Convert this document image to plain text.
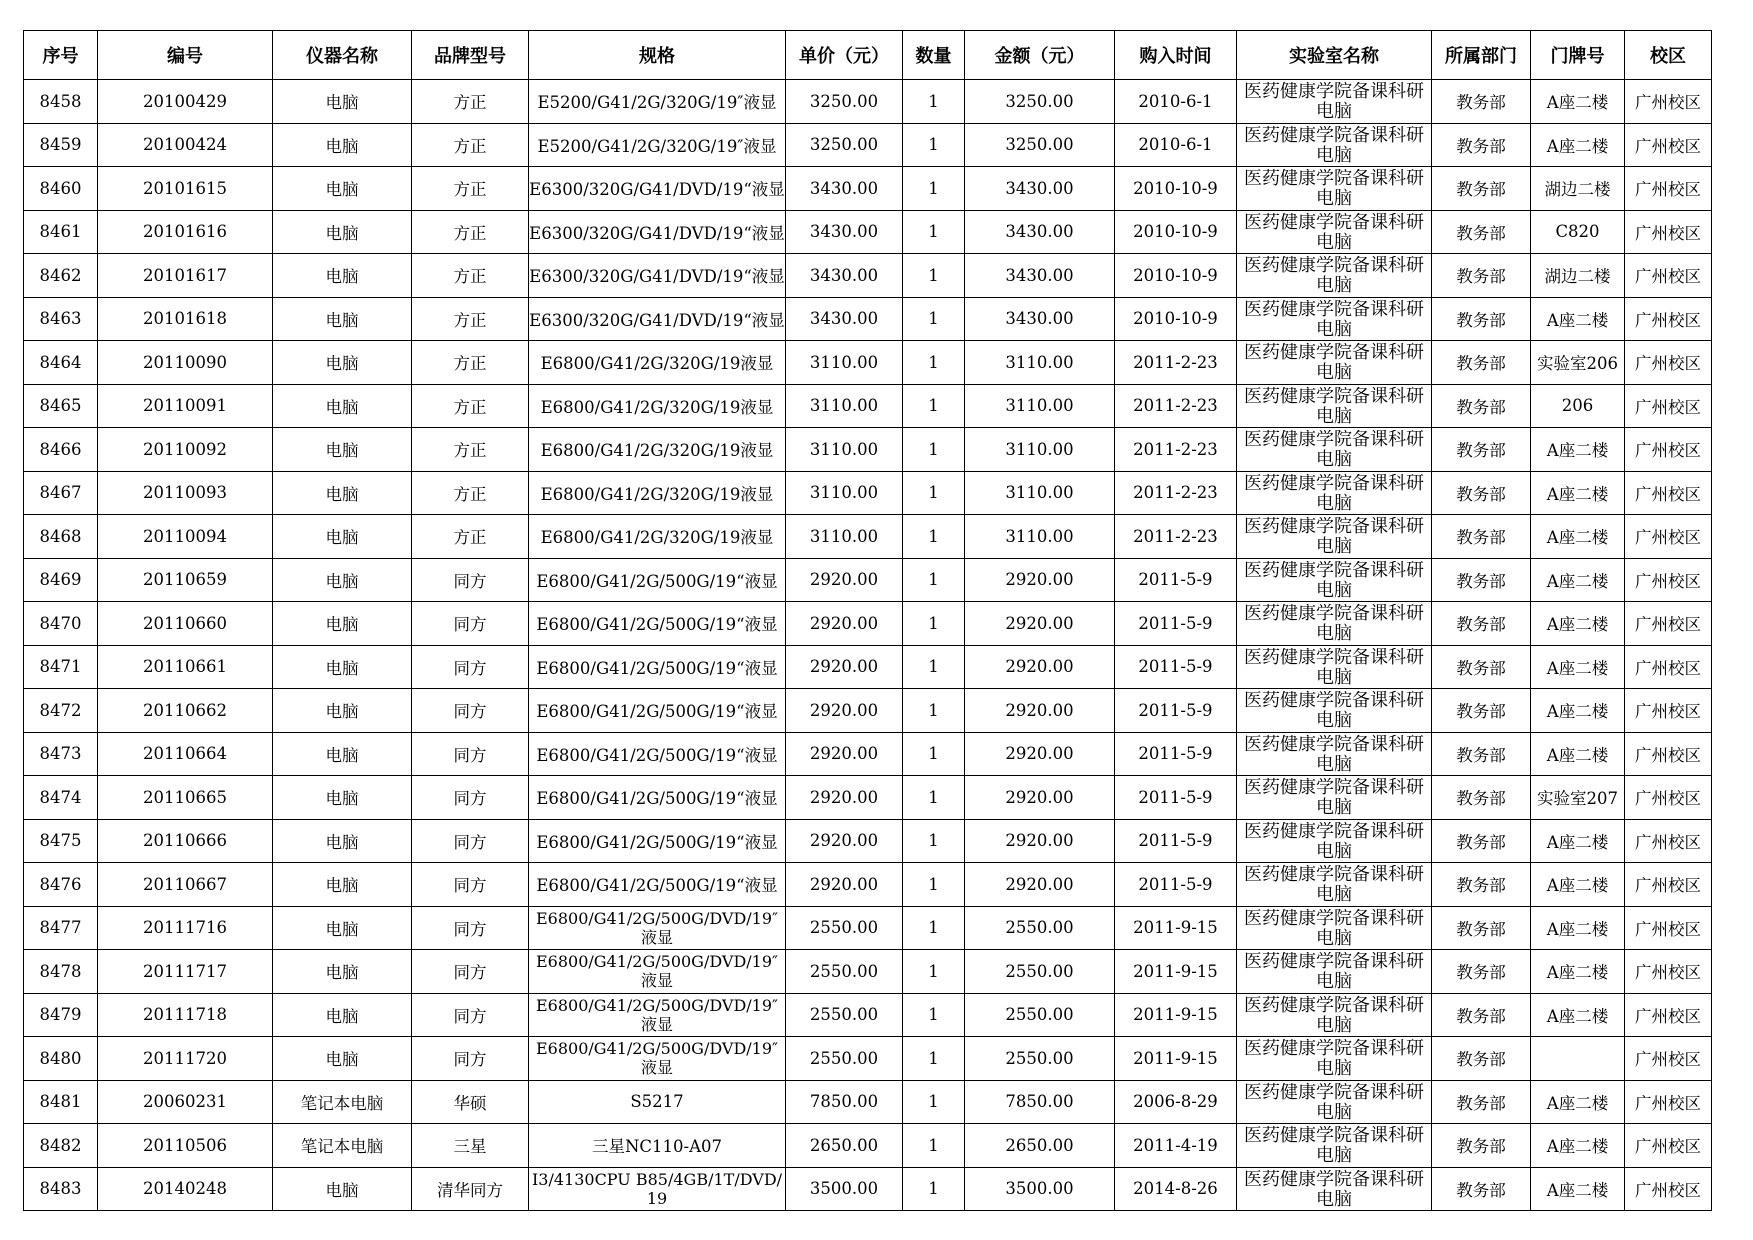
序号	编号	仪器名称	品牌型号	规格	单价（元）	数量	金额（元）	购入时间	实验室名称	所属部门	门牌号	校区
8458	20100429	电脑	方正	E5200/G41/2G/320G/19″液显	3250.00	1	3250.00	2010-6-1	医药健康学院备课科研电脑	教务部	A座二楼	广州校区
8459	20100424	电脑	方正	E5200/G41/2G/320G/19″液显	3250.00	1	3250.00	2010-6-1	医药健康学院备课科研电脑	教务部	A座二楼	广州校区
8460	20101615	电脑	方正	E6300/320G/G41/DVD/19“液显	3430.00	1	3430.00	2010-10-9	医药健康学院备课科研电脑	教务部	湖边二楼	广州校区
8461	20101616	电脑	方正	E6300/320G/G41/DVD/19“液显	3430.00	1	3430.00	2010-10-9	医药健康学院备课科研电脑	教务部	C820	广州校区
8462	20101617	电脑	方正	E6300/320G/G41/DVD/19“液显	3430.00	1	3430.00	2010-10-9	医药健康学院备课科研电脑	教务部	湖边二楼	广州校区
8463	20101618	电脑	方正	E6300/320G/G41/DVD/19“液显	3430.00	1	3430.00	2010-10-9	医药健康学院备课科研电脑	教务部	A座二楼	广州校区
8464	20110090	电脑	方正	E6800/G41/2G/320G/19液显	3110.00	1	3110.00	2011-2-23	医药健康学院备课科研电脑	教务部	实验室206	广州校区
8465	20110091	电脑	方正	E6800/G41/2G/320G/19液显	3110.00	1	3110.00	2011-2-23	医药健康学院备课科研电脑	教务部	206	广州校区
8466	20110092	电脑	方正	E6800/G41/2G/320G/19液显	3110.00	1	3110.00	2011-2-23	医药健康学院备课科研电脑	教务部	A座二楼	广州校区
8467	20110093	电脑	方正	E6800/G41/2G/320G/19液显	3110.00	1	3110.00	2011-2-23	医药健康学院备课科研电脑	教务部	A座二楼	广州校区
8468	20110094	电脑	方正	E6800/G41/2G/320G/19液显	3110.00	1	3110.00	2011-2-23	医药健康学院备课科研电脑	教务部	A座二楼	广州校区
8469	20110659	电脑	同方	E6800/G41/2G/500G/19“液显	2920.00	1	2920.00	2011-5-9	医药健康学院备课科研电脑	教务部	A座二楼	广州校区
8470	20110660	电脑	同方	E6800/G41/2G/500G/19“液显	2920.00	1	2920.00	2011-5-9	医药健康学院备课科研电脑	教务部	A座二楼	广州校区
8471	20110661	电脑	同方	E6800/G41/2G/500G/19“液显	2920.00	1	2920.00	2011-5-9	医药健康学院备课科研电脑	教务部	A座二楼	广州校区
8472	20110662	电脑	同方	E6800/G41/2G/500G/19“液显	2920.00	1	2920.00	2011-5-9	医药健康学院备课科研电脑	教务部	A座二楼	广州校区
8473	20110664	电脑	同方	E6800/G41/2G/500G/19“液显	2920.00	1	2920.00	2011-5-9	医药健康学院备课科研电脑	教务部	A座二楼	广州校区
8474	20110665	电脑	同方	E6800/G41/2G/500G/19“液显	2920.00	1	2920.00	2011-5-9	医药健康学院备课科研电脑	教务部	实验室207	广州校区
8475	20110666	电脑	同方	E6800/G41/2G/500G/19“液显	2920.00	1	2920.00	2011-5-9	医药健康学院备课科研电脑	教务部	A座二楼	广州校区
8476	20110667	电脑	同方	E6800/G41/2G/500G/19“液显	2920.00	1	2920.00	2011-5-9	医药健康学院备课科研电脑	教务部	A座二楼	广州校区
8477	20111716	电脑	同方	E6800/G41/2G/500G/DVD/19″液显	2550.00	1	2550.00	2011-9-15	医药健康学院备课科研电脑	教务部	A座二楼	广州校区
8478	20111717	电脑	同方	E6800/G41/2G/500G/DVD/19″液显	2550.00	1	2550.00	2011-9-15	医药健康学院备课科研电脑	教务部	A座二楼	广州校区
8479	20111718	电脑	同方	E6800/G41/2G/500G/DVD/19″液显	2550.00	1	2550.00	2011-9-15	医药健康学院备课科研电脑	教务部	A座二楼	广州校区
8480	20111720	电脑	同方	E6800/G41/2G/500G/DVD/19″液显	2550.00	1	2550.00	2011-9-15	医药健康学院备课科研电脑	教务部		广州校区
8481	20060231	笔记本电脑	华硕	S5217	7850.00	1	7850.00	2006-8-29	医药健康学院备课科研电脑	教务部	A座二楼	广州校区
8482	20110506	笔记本电脑	三星	三星NC110-A07	2650.00	1	2650.00	2011-4-19	医药健康学院备课科研电脑	教务部	A座二楼	广州校区
8483	20140248	电脑	清华同方	I3/4130CPU B85/4GB/1T/DVD/19	3500.00	1	3500.00	2014-8-26	医药健康学院备课科研电脑	教务部	A座二楼	广州校区
